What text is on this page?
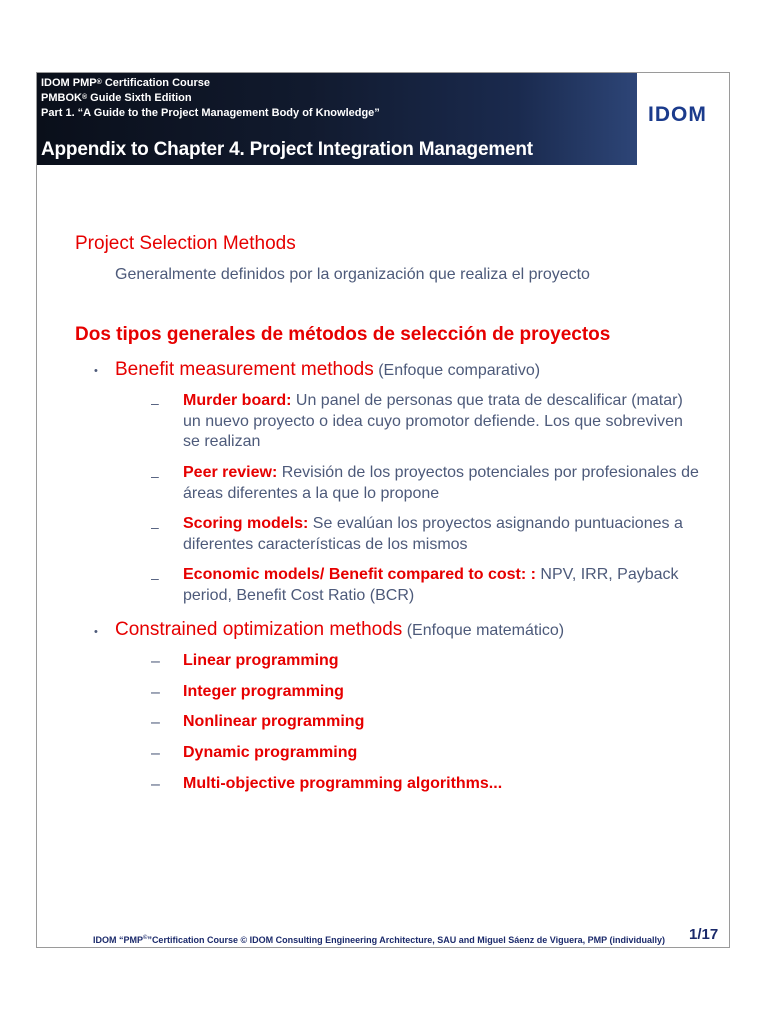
IDOM PMP® Certification Course
PMBOK® Guide Sixth Edition
Part 1. “A Guide to the Project Management Body of Knowledge”
Appendix to Chapter 4. Project Integration Management
IDOM
Project Selection Methods
Generalmente definidos por la organización que realiza el proyecto
Dos tipos generales de métodos de selección de proyectos
• Benefit measurement methods (Enfoque comparativo)
– Murder board: Un panel de personas que trata de descalificar (matar) un nuevo proyecto o idea cuyo promotor defiende. Los que sobreviven se realizan
– Peer review: Revisión de los proyectos potenciales por profesionales de áreas diferentes a la que lo propone
– Scoring models: Se evalúan los proyectos asignando puntuaciones a diferentes características de los mismos
– Economic models/ Benefit compared to cost: : NPV, IRR, Payback period, Benefit Cost Ratio (BCR)
• Constrained optimization methods (Enfoque matemático)
– Linear programming
– Integer programming
– Nonlinear programming
– Dynamic programming
– Multi-objective programming algorithms...
IDOM “PMP©”Certification Course © IDOM Consulting Engineering Architecture, SAU and Miguel Sáenz de Viguera, PMP (individually) 1/17
